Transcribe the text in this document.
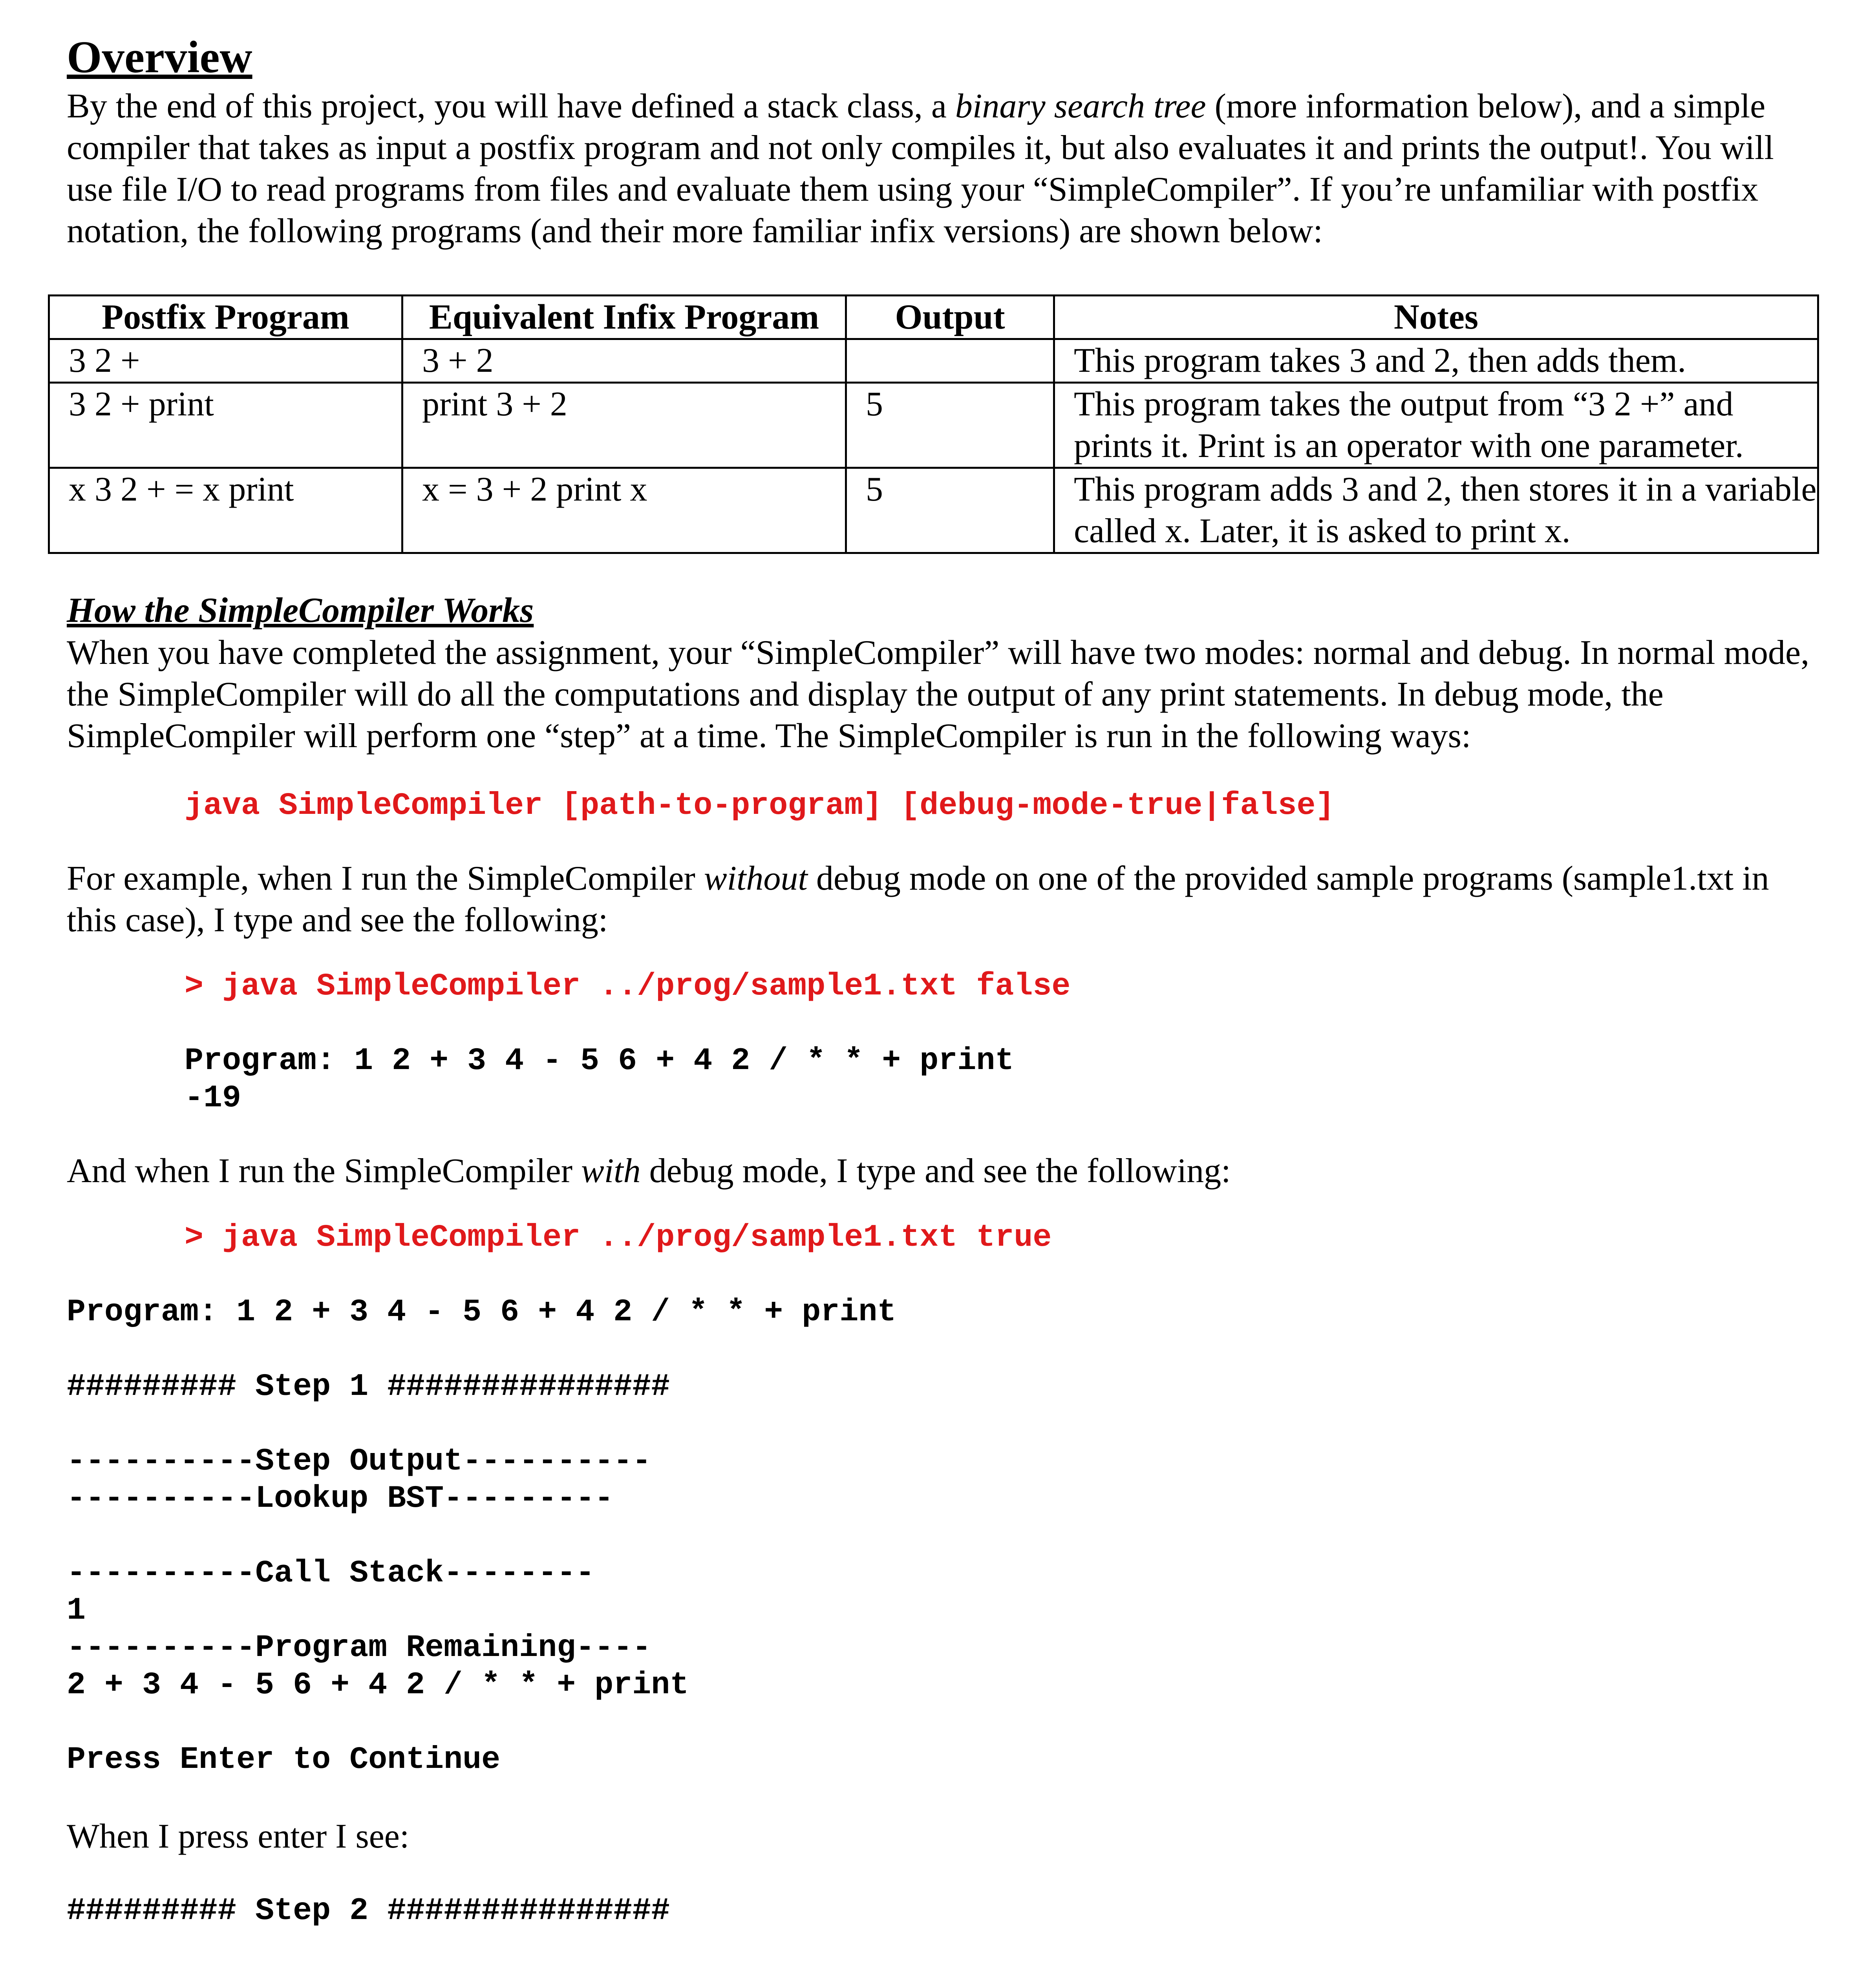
Overview

By the end of this project, you will have defined a stack class, a binary search tree (more information below), and a simple compiler that takes as input a postfix program and not only compiles it, but also evaluates it and prints the output!. You will use file I/O to read programs from files and evaluate them using your “SimpleCompiler”. If you’re unfamiliar with postfix notation, the following programs (and their more familiar infix versions) are shown below:

Postfix Program	Equivalent Infix Program	Output	Notes
3 2 +	3 + 2		This program takes 3 and 2, then adds them.
3 2 + print	print 3 + 2	5	This program takes the output from “3 2 +” and prints it. Print is an operator with one parameter.
x 3 2 + = x print	x = 3 + 2 print x	5	This program adds 3 and 2, then stores it in a variable called x. Later, it is asked to print x.
How the SimpleCompiler Works

When you have completed the assignment, your “SimpleCompiler” will have two modes: normal and debug. In normal mode, the SimpleCompiler will do all the computations and display the output of any print statements. In debug mode, the SimpleCompiler will perform one “step” at a time. The SimpleCompiler is run in the following ways:

java SimpleCompiler [path-to-program] [debug-mode-true|false]

For example, when I run the SimpleCompiler without debug mode on one of the provided sample programs (sample1.txt in this case), I type and see the following:

> java SimpleCompiler ../prog/sample1.txt false
Program: 1 2 + 3 4 - 5 6 + 4 2 / * * + print
-19

And when I run the SimpleCompiler with debug mode, I type and see the following:

> java SimpleCompiler ../prog/sample1.txt true
Program: 1 2 + 3 4 - 5 6 + 4 2 / * * + print

######### Step 1 ###############

----------Step Output----------
----------Lookup BST---------

----------Call Stack--------
1
----------Program Remaining----
2 + 3 4 - 5 6 + 4 2 / * * + print

Press Enter to Continue

When I press enter I see:

######### Step 2 ###############
